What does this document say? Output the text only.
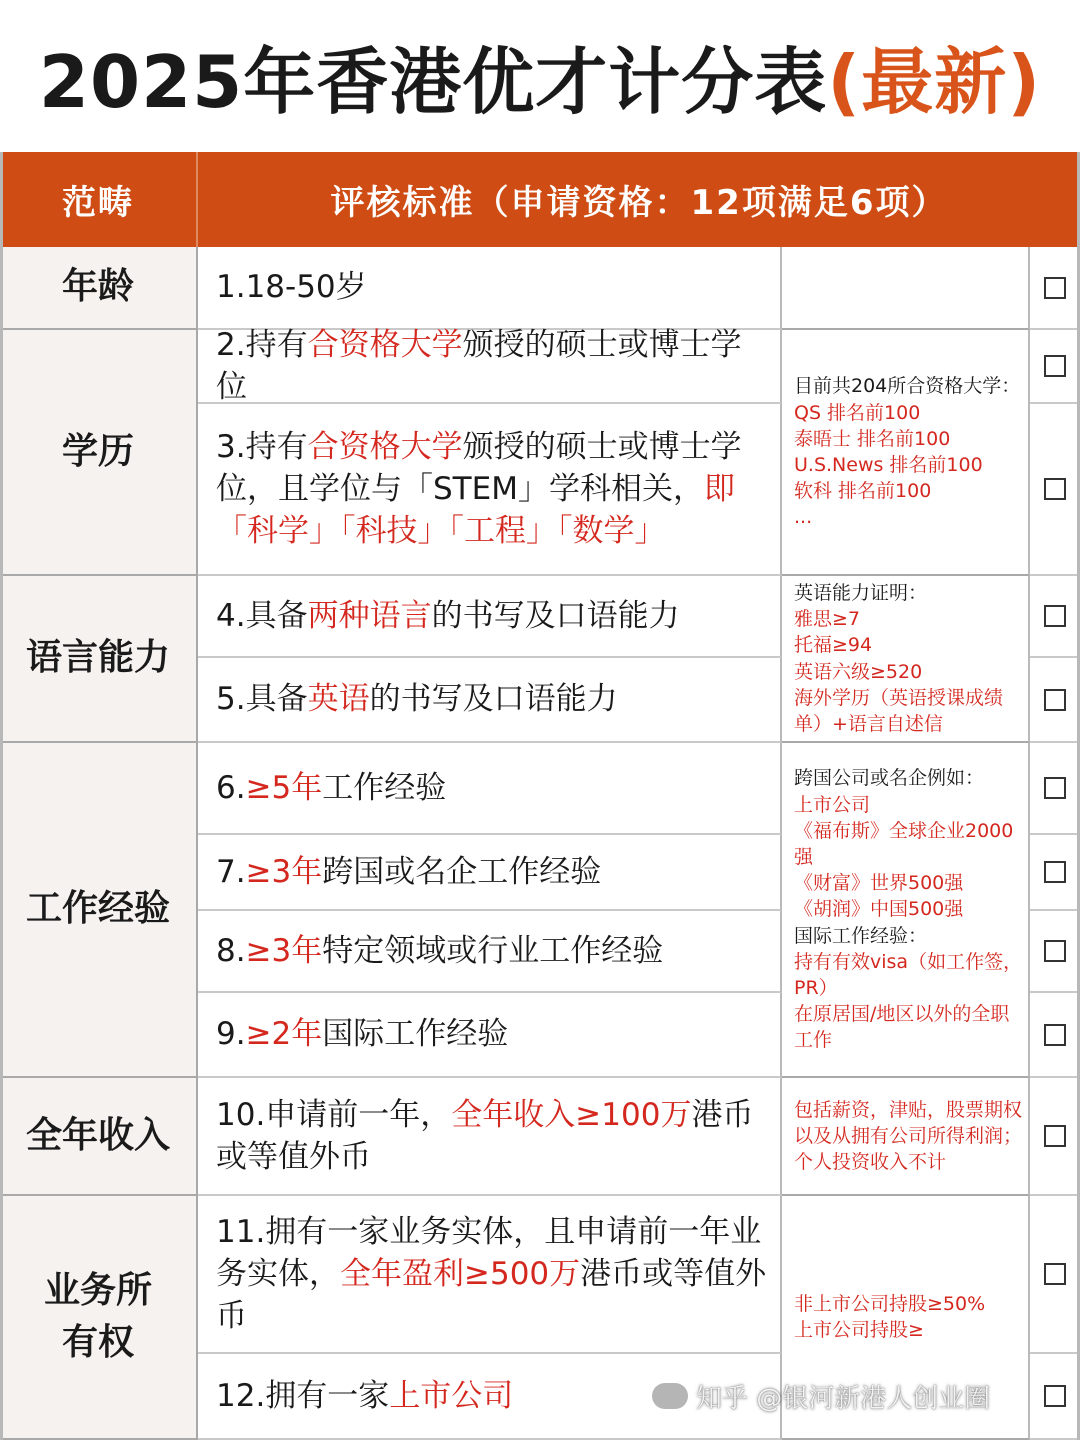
2025年香港优才计分表 (最新)
范畴	评核标准（申请资格：12项满足6项）
年龄
学历
语言能力
工作经验
全年收入
业务所有权
1.18-50岁
2.持有合资格大学颁授的硕士或博士学位
3.持有合资格大学颁授的硕士或博士学位，且学位与「STEM」学科相关，即「科学」「科技」「工程」「数学」
4.具备两种语言的书写及口语能力
5.具备英语的书写及口语能力
6.≥5年工作经验
7.≥3年跨国或名企工作经验
8.≥3年特定领域或行业工作经验
9.≥2年国际工作经验
10.申请前一年，全年收入≥100万港币或等值外币
11.拥有一家业务实体，且申请前一年业务实体，全年盈利≥500万港币或等值外币
12.拥有一家上市公司
目前共204所合资格大学：
QS 排名前100
泰晤士 排名前100
U.S.News 排名前100
软科 排名前100
...
英语能力证明：
雅思≥7
托福≥94
英语六级≥520
海外学历（英语授课成绩单）+语言自述信
跨国公司或名企例如：
上市公司
《福布斯》全球企业2000强
《财富》世界500强
《胡润》中国500强
国际工作经验：
持有有效visa（如工作签，PR）
在原居国/地区以外的全职工作
包括薪资，津贴，股票期权以及从拥有公司所得利润；个人投资收入不计
非上市公司持股≥50%
上市公司持股≥
知乎 @银河新港人创业圈
